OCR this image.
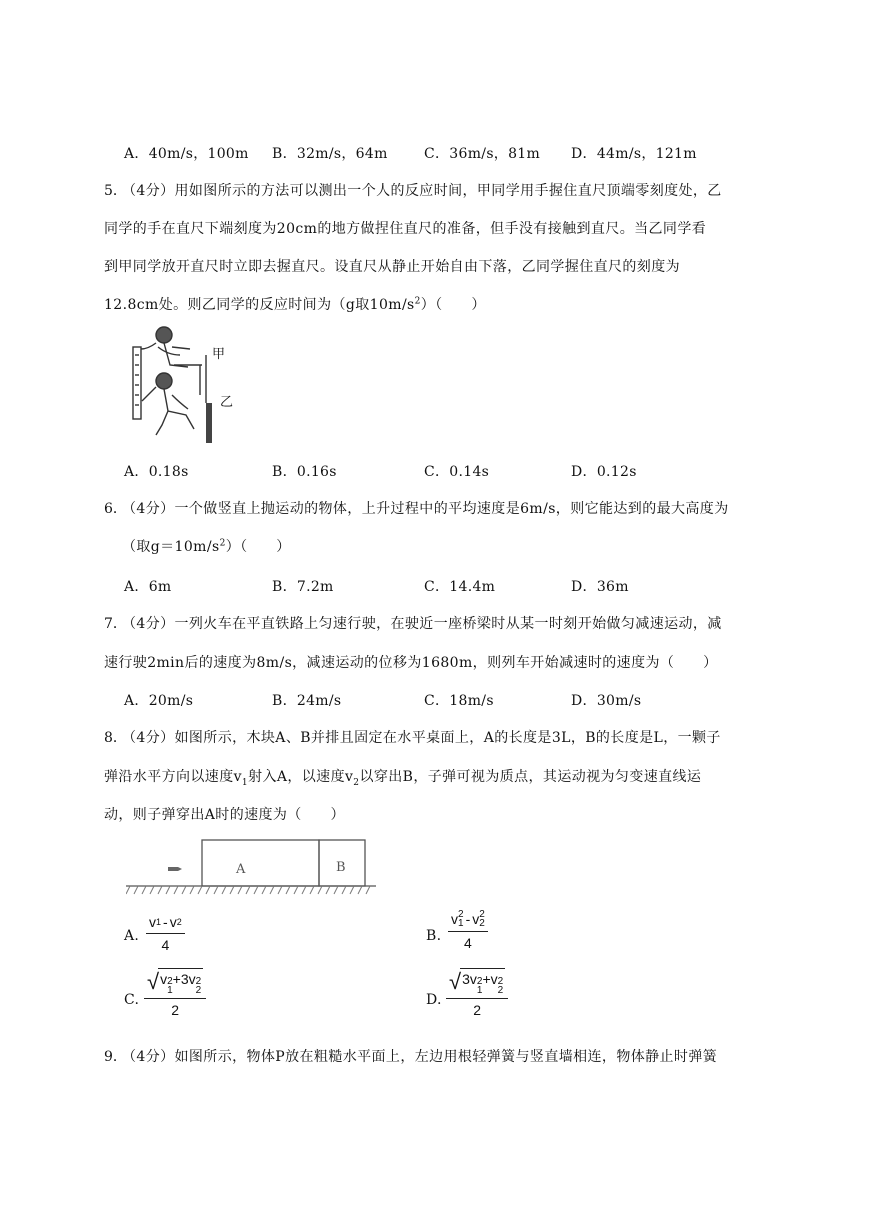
A．40m/s，100m B．32m/s，64m	C．36m/s，81m D．44m/s，121m
5．
（4分）用如图所示的方法可以测出一个人的反应时间，甲同学用手握住直尺顶端零刻度处，乙
同学的手在直尺下端刻度为20cm的地方做捏住直尺的准备，但手没有接触到直尺。当乙同学看
到甲同学放开直尺时立即去握直尺。设直尺从静止开始自由下落，乙同学握住直尺的刻度为
12.8cm处。则乙同学的反应时间为（g取$10m/s^2$）（　　）
甲
乙
A．0.18s	B．0.16s	C．0.14s	D．0.12s
6．
（4分）一个做竖直上抛运动的物体，上升过程中的平均速度是6m/s，则它能达到的最大高度为
（取$g=10m/s^2$）（　　）
A．6m	B．7.2m	C．14.4m	D．36m
7．
（4分）一列火车在平直铁路上匀速行驶，在驶近一座桥梁时从某一时刻开始做匀减速运动，减
速行驶2min后的速度为8m/s，减速运动的位移为1680m，则列车开始减速时的速度为（　　）
A．20m/s	B．24m/s	C．18m/s	D．30m/s
8．
（4分）如图所示，木块A、B并排且固定在水平桌面上，A的长度是3L，B的长度是L，一颗子
弹沿水平方向以速度$v_1$射入A，以速度$v_2$以穿出B，子弹可视为质点，其运动视为匀变速直线运
动，则子弹穿出A时的速度为（　　）
A	B
A. $\frac{v 1 - v 2}{4}$	B. v 2
1 - v 2
2
4
C. √ v 2
1
+3v 2
2
2	D. √ 3v 2
1
+v 2
2
2
9．
（4分）如图所示，物体P放在粗糙水平面上，左边用根轻弹簧与竖直墙相连，物体静止时弹簧
